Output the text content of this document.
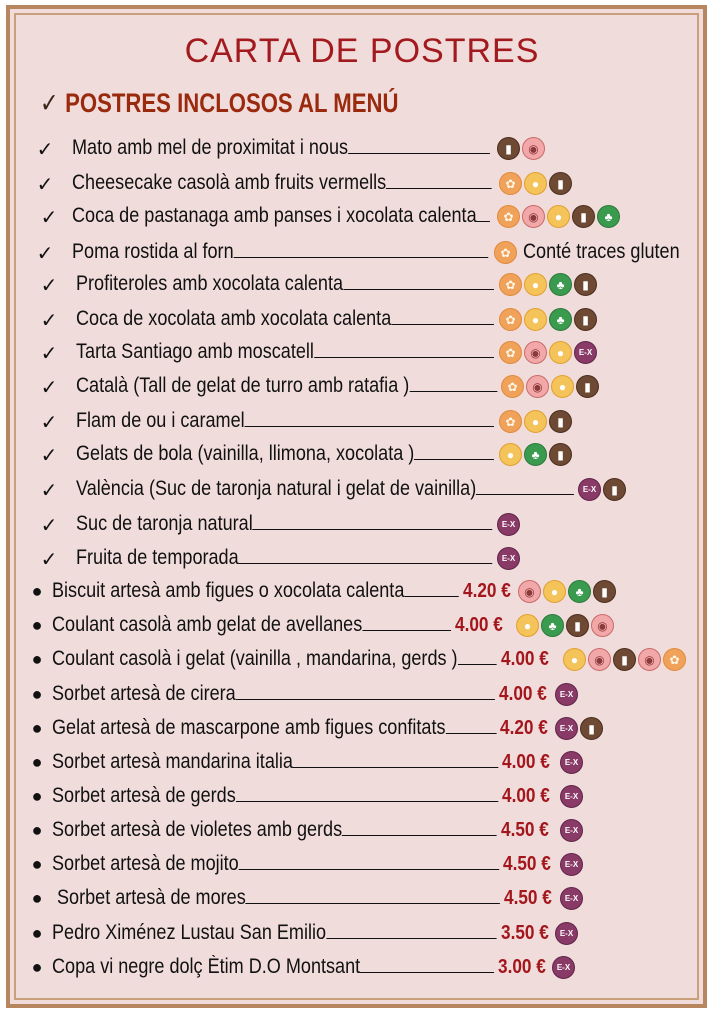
CARTA DE POSTRES
✓ POSTRES INCLOSOS AL MENÚ
✓ Mato amb mel de proximitat i nous	▮	◉
✓ Cheesecake casolà amb fruits vermells	✿	●	▮
✓ Coca de pastanaga amb panses i xocolata calenta	✿	◉	●	▮	♣
✓ Poma rostida al forn	✿ Conté traces gluten
✓ Profiteroles amb xocolata calenta	✿	●	♣	▮
✓ Coca de xocolata amb xocolata calenta	✿	●	♣	▮
✓ Tarta Santiago amb moscatell	✿	◉	●	E-X
✓ Català (Tall de gelat de turro amb ratafia )	✿	◉	●	▮
✓ Flam de ou i caramel	✿	●	▮
✓ Gelats de bola (vainilla, llimona, xocolata )	●	♣	▮
✓ València (Suc de taronja natural i gelat de vainilla)	E-X	▮
✓ Suc de taronja natural	E-X
✓ Fruita de temporada	E-X
● Biscuit artesà amb figues o xocolata calenta	4.20 €	◉	●	♣	▮
● Coulant casolà amb gelat de avellanes	4.00 €	●	♣	▮	◉
● Coulant casolà i gelat (vainilla , mandarina, gerds )	4.00 €	●	◉	▮	◉	✿
● Sorbet artesà de cirera	4.00 €	E-X
● Gelat artesà de mascarpone amb figues confitats	4.20 €	E-X	▮
● Sorbet artesà mandarina italia	4.00 €	E-X
● Sorbet artesà de gerds	4.00 €	E-X
● Sorbet artesà de violetes amb gerds	4.50 €	E-X
● Sorbet artesà de mojito	4.50 €	E-X
● Sorbet artesà de mores	4.50 €	E-X
● Pedro Ximénez Lustau San Emilio	3.50 €	E-X
● Copa vi negre dolç Ètim D.O Montsant	3.00 €	E-X
